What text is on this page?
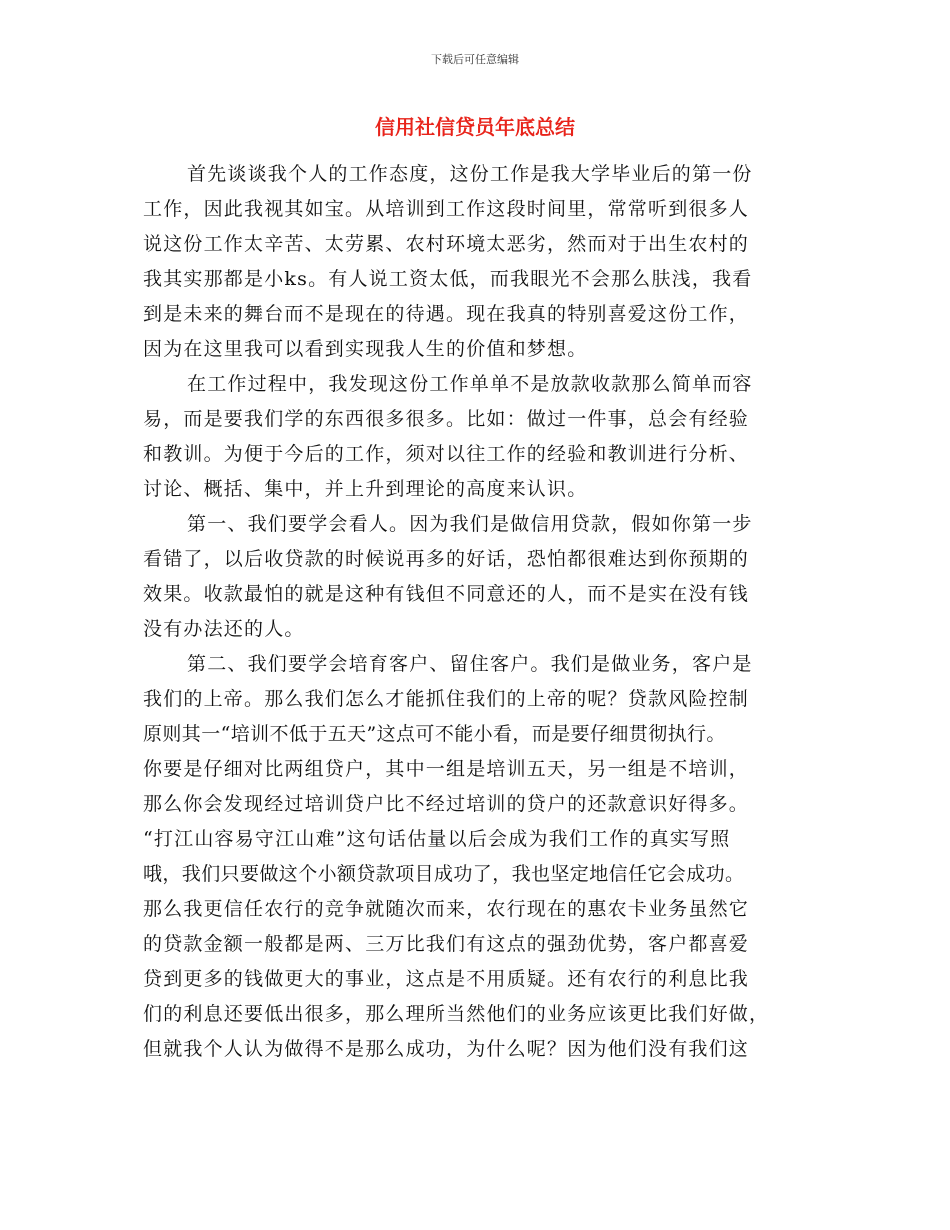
下载后可任意编辑
信用社信贷员年底总结
首先谈谈我个人的工作态度，这份工作是我大学毕业后的第一份
工作，因此我视其如宝。从培训到工作这段时间里，常常听到很多人
说这份工作太辛苦、太劳累、农村环境太恶劣，然而对于出生农村的
我其实那都是小ks。有人说工资太低，而我眼光不会那么肤浅，我看
到是未来的舞台而不是现在的待遇。现在我真的特别喜爱这份工作，
因为在这里我可以看到实现我人生的价值和梦想。
在工作过程中，我发现这份工作单单不是放款收款那么简单而容
易，而是要我们学的东西很多很多。比如：做过一件事，总会有经验
和教训。为便于今后的工作，须对以往工作的经验和教训进行分析、
讨论、概括、集中，并上升到理论的高度来认识。
第一、我们要学会看人。因为我们是做信用贷款，假如你第一步
看错了，以后收贷款的时候说再多的好话，恐怕都很难达到你预期的
效果。收款最怕的就是这种有钱但不同意还的人，而不是实在没有钱
没有办法还的人。
第二、我们要学会培育客户、留住客户。我们是做业务，客户是
我们的上帝。那么我们怎么才能抓住我们的上帝的呢？贷款风险控制
原则其一“培训不低于五天”这点可不能小看，而是要仔细贯彻执行。
你要是仔细对比两组贷户，其中一组是培训五天，另一组是不培训，
那么你会发现经过培训贷户比不经过培训的贷户的还款意识好得多。
“打江山容易守江山难”这句话估量以后会成为我们工作的真实写照
哦，我们只要做这个小额贷款项目成功了，我也坚定地信任它会成功。
那么我更信任农行的竞争就随次而来，农行现在的惠农卡业务虽然它
的贷款金额一般都是两、三万比我们有这点的强劲优势，客户都喜爱
贷到更多的钱做更大的事业，这点是不用质疑。还有农行的利息比我
们的利息还要低出很多，那么理所当然他们的业务应该更比我们好做，
但就我个人认为做得不是那么成功，为什么呢？因为他们没有我们这
